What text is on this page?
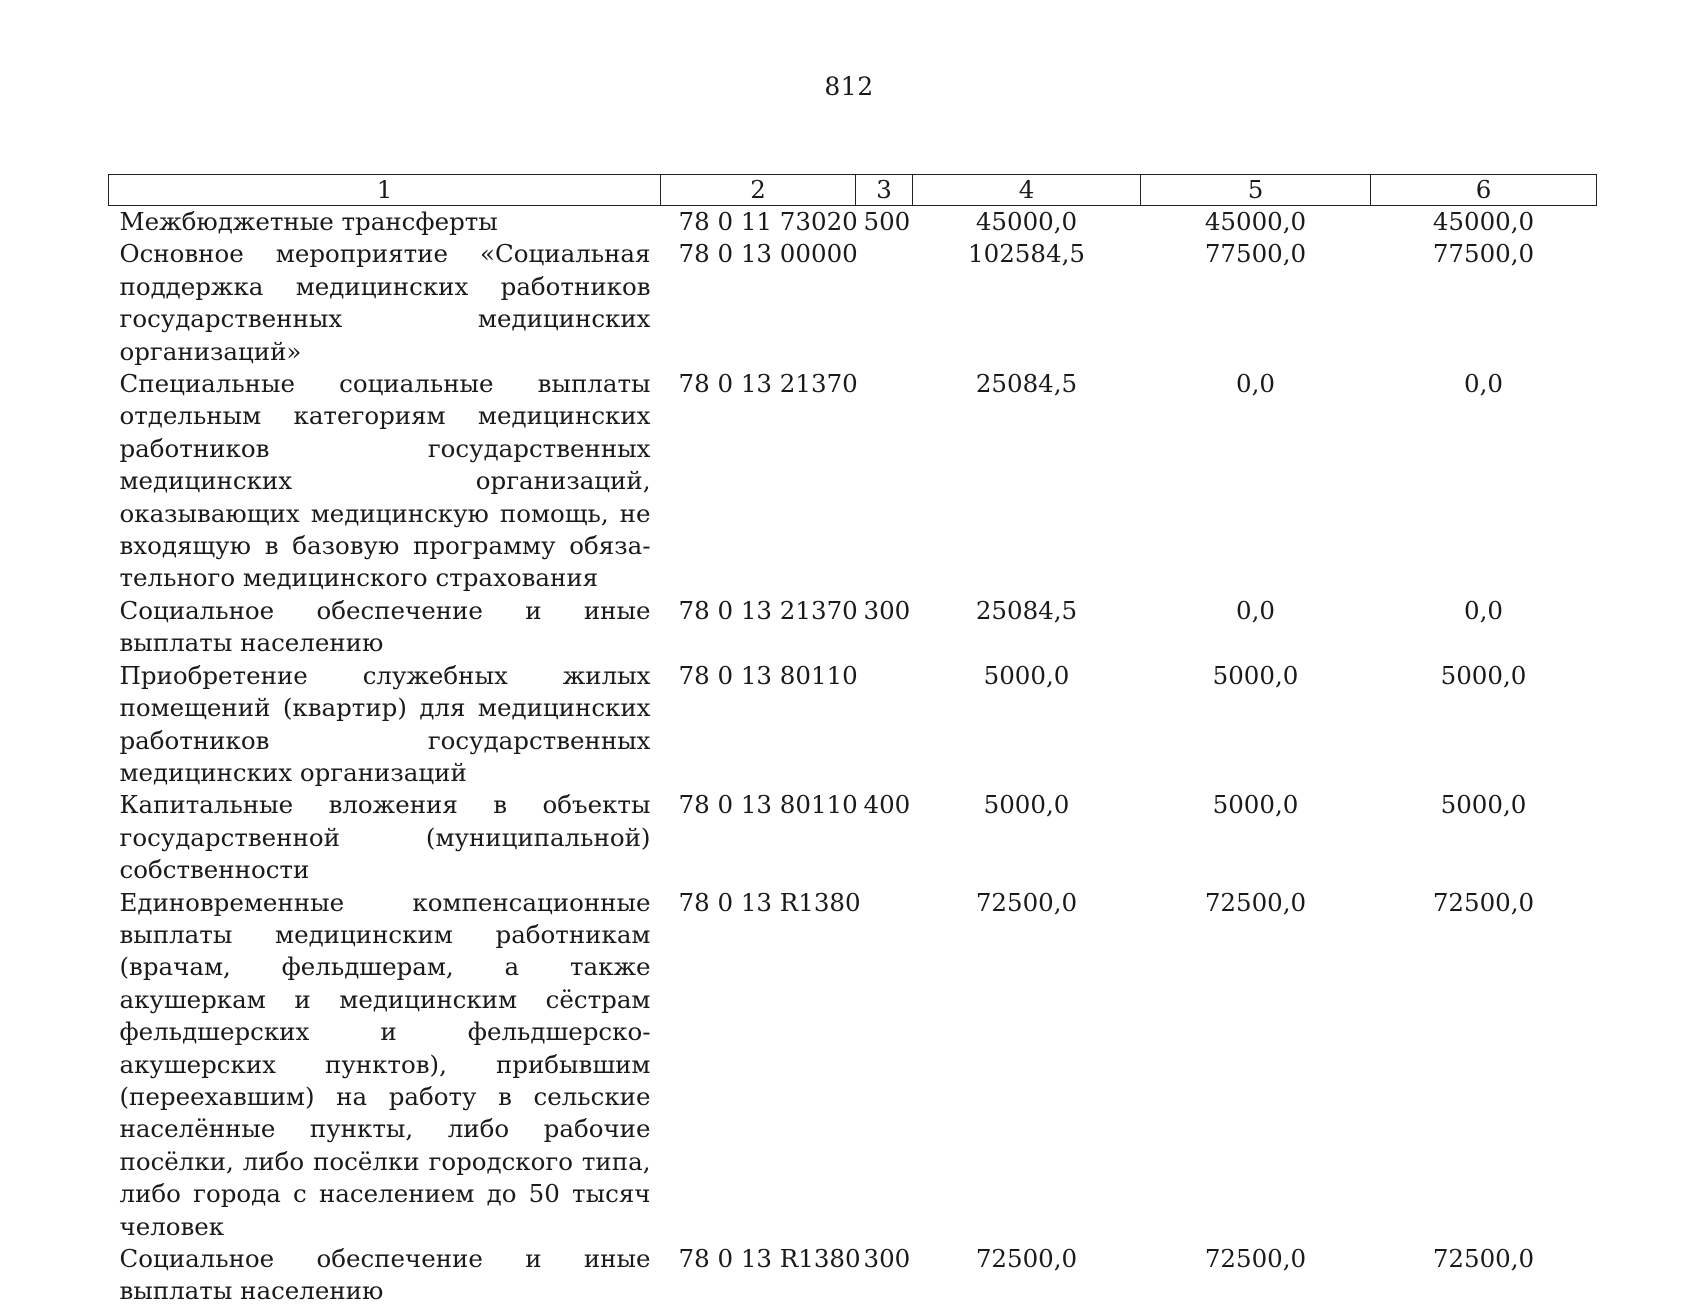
812
1	2	3	4	5	6
Межбюджетные трансферты	78 0 11 73020	500	45000,0	45000,0	45000,0
Основное мероприятие «Социальная поддержка медицинских работников государственных медицинских организаций»	78 0 13 00000		102584,5	77500,0	77500,0
Специальные социальные выплаты отдельным категориям медицинских работников государственных медицинских организаций, оказывающих медицинскую помощь, не входящую в базовую программу обязательного медицинского страхования	78 0 13 21370		25084,5	0,0	0,0
Социальное обеспечение и иные выплаты населению	78 0 13 21370	300	25084,5	0,0	0,0
Приобретение служебных жилых помещений (квартир) для медицинских работников государственных медицинских организаций	78 0 13 80110		5000,0	5000,0	5000,0
Капитальные вложения в объекты государственной (муниципальной) собственности	78 0 13 80110	400	5000,0	5000,0	5000,0
Единовременные компенсационные выплаты медицинским работникам (врачам, фельдшерам, а также акушеркам и медицинским сёстрам фельдшерских и фельдшерско-акушерских пунктов), прибывшим (переехавшим) на работу в сельские населённые пункты, либо рабочие посёлки, либо посёлки городского типа, либо города с населением до 50 тысяч человек	78 0 13 R1380		72500,0	72500,0	72500,0
Социальное обеспечение и иные выплаты населению	78 0 13 R1380	300	72500,0	72500,0	72500,0
